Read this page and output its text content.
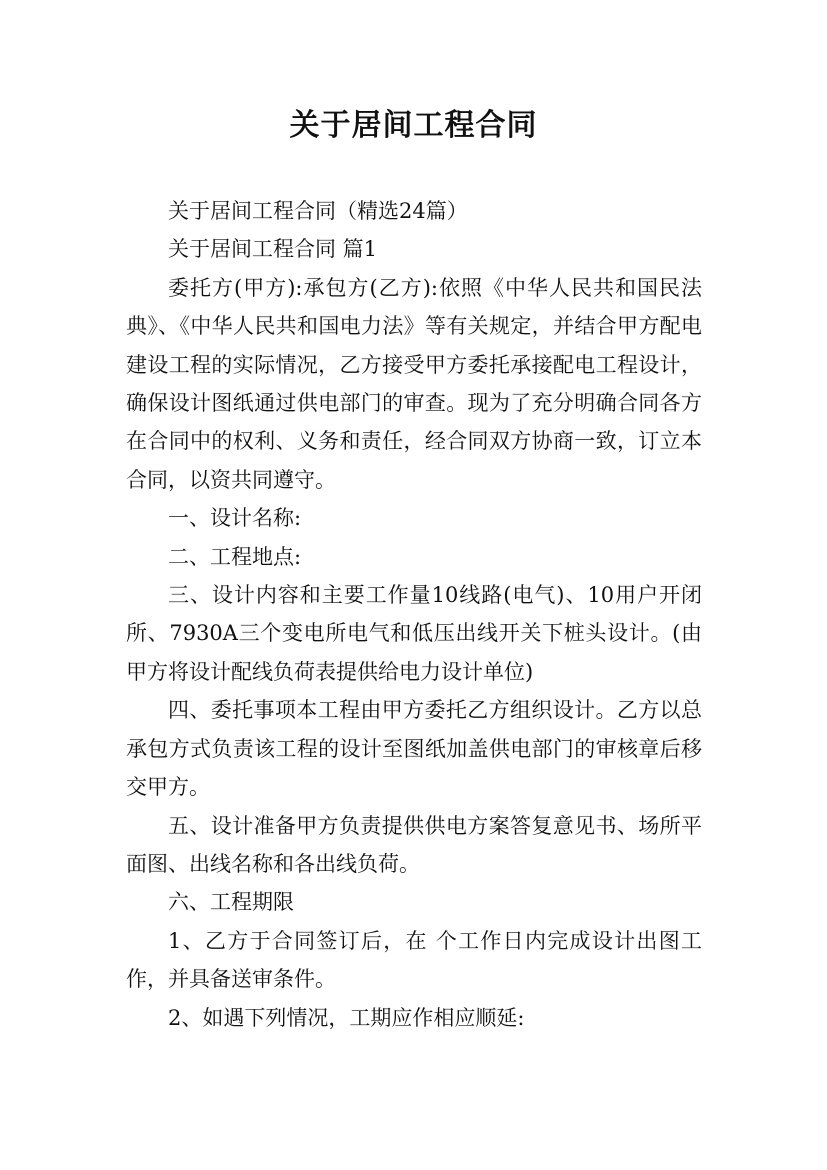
关于居间工程合同

关于居间工程合同（精选24篇）

关于居间工程合同 篇1

委托方(甲方):承包方(乙方):依照《中华人民共和国民法典》、《中华人民共和国电力法》等有关规定，并结合甲方配电建设工程的实际情况，乙方接受甲方委托承接配电工程设计，确保设计图纸通过供电部门的审查。现为了充分明确合同各方在合同中的权利、义务和责任，经合同双方协商一致，订立本合同，以资共同遵守。

一、设计名称:

二、工程地点:

三、设计内容和主要工作量10线路(电气)、10用户开闭所、7930A三个变电所电气和低压出线开关下桩头设计。(由甲方将设计配线负荷表提供给电力设计单位)

四、委托事项本工程由甲方委托乙方组织设计。乙方以总承包方式负责该工程的设计至图纸加盖供电部门的审核章后移交甲方。

五、设计准备甲方负责提供供电方案答复意见书、场所平面图、出线名称和各出线负荷。

六、工程期限

1、乙方于合同签订后，在 个工作日内完成设计出图工作，并具备送审条件。

2、如遇下列情况，工期应作相应顺延:
